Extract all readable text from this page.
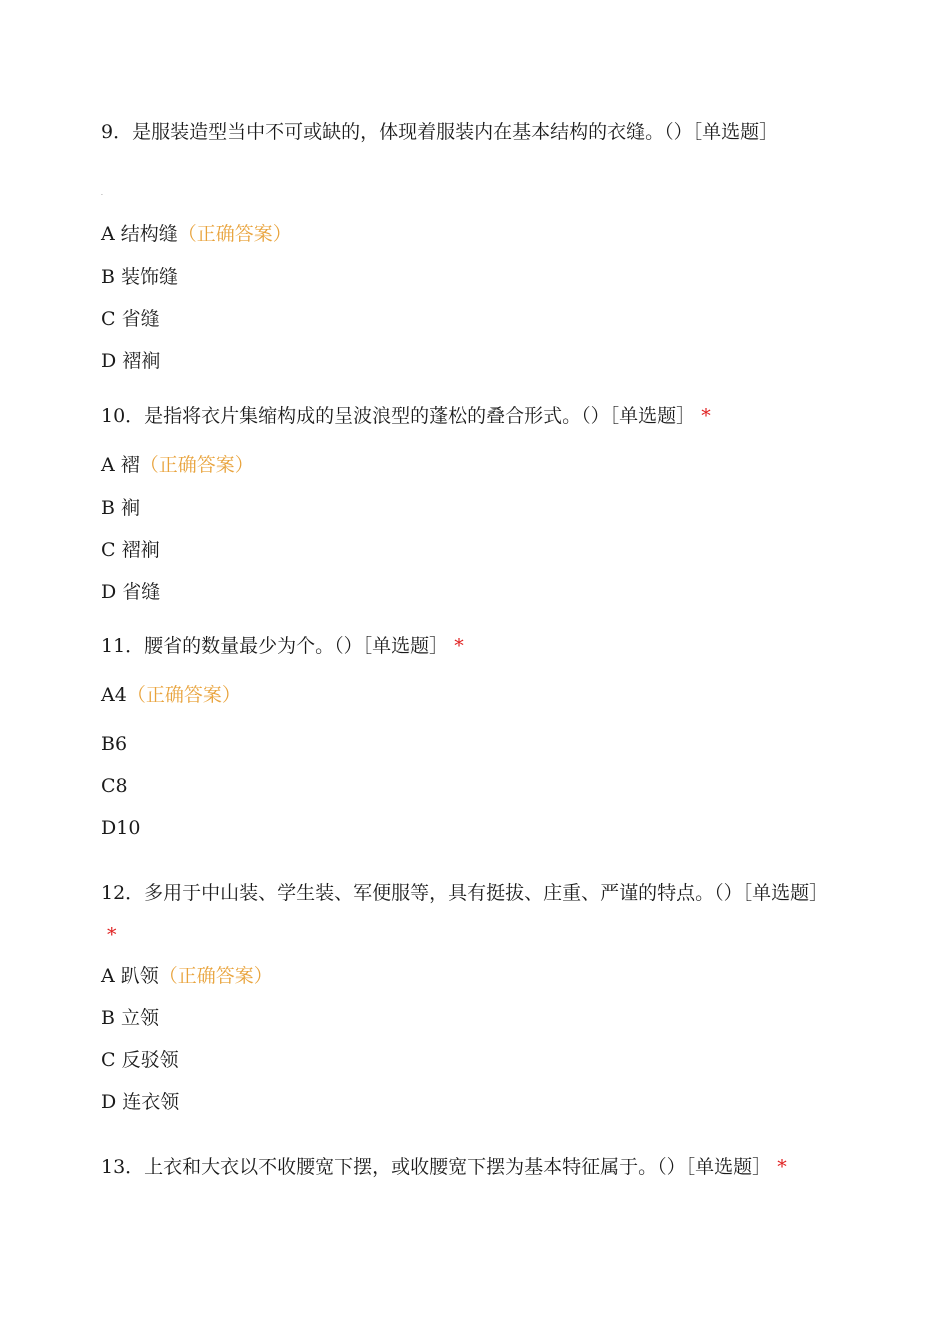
9．是服装造型当中不可或缺的，体现着服装内在基本结构的衣缝。（）［单选题］
.
A 结构缝（正确答案）
B 装饰缝
C 省缝
D 褶裥
10．是指将衣片集缩构成的呈波浪型的蓬松的叠合形式。（）［单选题］ *
A 褶（正确答案）
B 裥
C 褶裥
D 省缝
11．腰省的数量最少为个。（）［单选题］ *
A4（正确答案）
B6
C8
D10
12．多用于中山装、学生装、军便服等，具有挺拔、庄重、严谨的特点。（）［单选题］*
A 趴领（正确答案）
B 立领
C 反驳领
D 连衣领
13．上衣和大衣以不收腰宽下摆，或收腰宽下摆为基本特征属于。（）［单选题］ *
